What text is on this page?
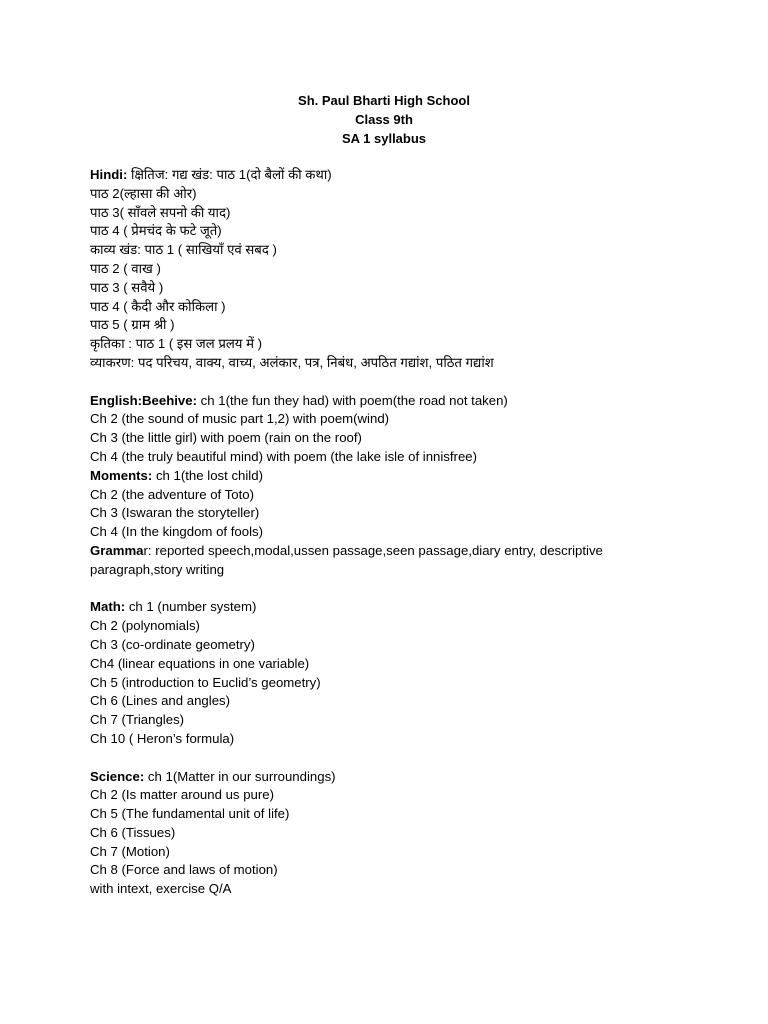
Sh. Paul Bharti High School
Class 9th
SA 1 syllabus
Hindi: क्षितिज: गद्य खंड: पाठ 1(दो बैलों की कथा)
पाठ 2(ल्हासा की ओर)
पाठ 3( साँवले सपनो की याद)
पाठ 4 ( प्रेमचंद के फटे जूते)
काव्य खंड: पाठ 1 ( साखियाँ एवं सबद )
पाठ 2 ( वाख )
पाठ 3 ( सवैये )
पाठ 4 ( कैदी और कोकिला )
पाठ 5 ( ग्राम श्री )
कृतिका : पाठ 1 ( इस जल प्रलय में )
व्याकरण: पद परिचय, वाक्य, वाच्य, अलंकार, पत्र, निबंध, अपठित गद्यांश, पठित गद्यांश
English:Beehive: ch 1(the fun they had) with poem(the road not taken)
Ch 2 (the sound of music part 1,2) with poem(wind)
Ch 3 (the little girl) with poem (rain on the roof)
Ch 4 (the truly beautiful mind) with poem (the lake isle of innisfree)
Moments: ch 1(the lost child)
Ch 2 (the adventure of Toto)
Ch 3 (Iswaran the storyteller)
Ch 4 (In the kingdom of fools)
Grammar: reported speech,modal,ussen passage,seen passage,diary entry, descriptive paragraph,story writing
Math: ch 1 (number system)
Ch 2 (polynomials)
Ch 3 (co-ordinate geometry)
Ch4 (linear equations in one variable)
Ch 5 (introduction to Euclid’s geometry)
Ch 6 (Lines and angles)
Ch 7 (Triangles)
Ch 10 ( Heron’s formula)
Science: ch 1(Matter in our surroundings)
Ch 2 (Is matter around us pure)
Ch 5 (The fundamental unit of life)
Ch 6 (Tissues)
Ch 7 (Motion)
Ch 8 (Force and laws of motion)
with intext, exercise Q/A
